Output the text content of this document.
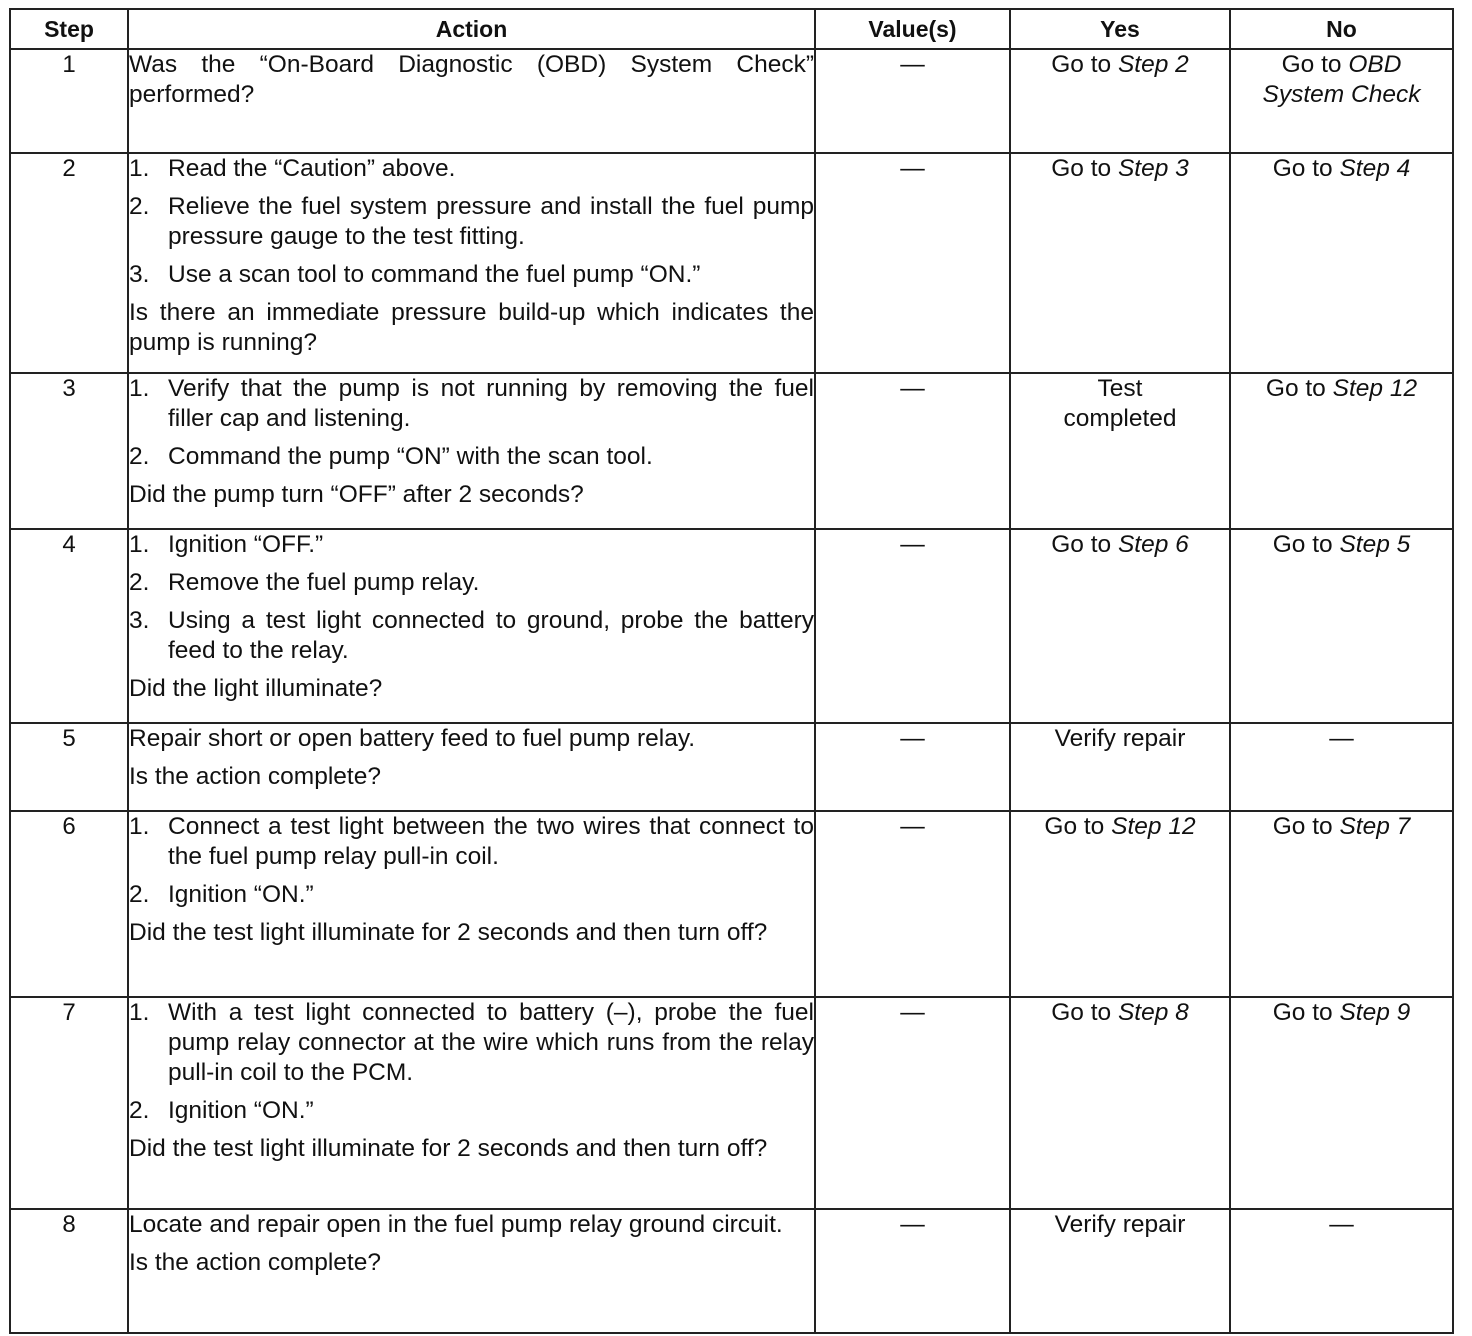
Step	Action	Value(s)	Yes	No
1	Was the “On-Board Diagnostic (OBD) System Check” performed?	—	Go to Step 2	Go to OBD System Check
2	1. Read the “Caution” above.
2. Relieve the fuel system pressure and install the fuel pump pressure gauge to the test fitting.
3. Use a scan tool to command the fuel pump “ON.”
Is there an immediate pressure build-up which indicates the pump is running?	—	Go to Step 3	Go to Step 4
3	1. Verify that the pump is not running by removing the fuel filler cap and listening.
2. Command the pump “ON” with the scan tool.
Did the pump turn “OFF” after 2 seconds?	—	Test completed	Go to Step 12
4	1. Ignition “OFF.”
2. Remove the fuel pump relay.
3. Using a test light connected to ground, probe the battery feed to the relay.
Did the light illuminate?	—	Go to Step 6	Go to Step 5
5	Repair short or open battery feed to fuel pump relay.
Is the action complete?	—	Verify repair	—
6	1. Connect a test light between the two wires that connect to the fuel pump relay pull-in coil.
2. Ignition “ON.”
Did the test light illuminate for 2 seconds and then turn off?	—	Go to Step 12	Go to Step 7
7	1. With a test light connected to battery (–), probe the fuel pump relay connector at the wire which runs from the relay pull-in coil to the PCM.
2. Ignition “ON.”
Did the test light illuminate for 2 seconds and then turn off?	—	Go to Step 8	Go to Step 9
8	Locate and repair open in the fuel pump relay ground circuit.
Is the action complete?	—	Verify repair	—
